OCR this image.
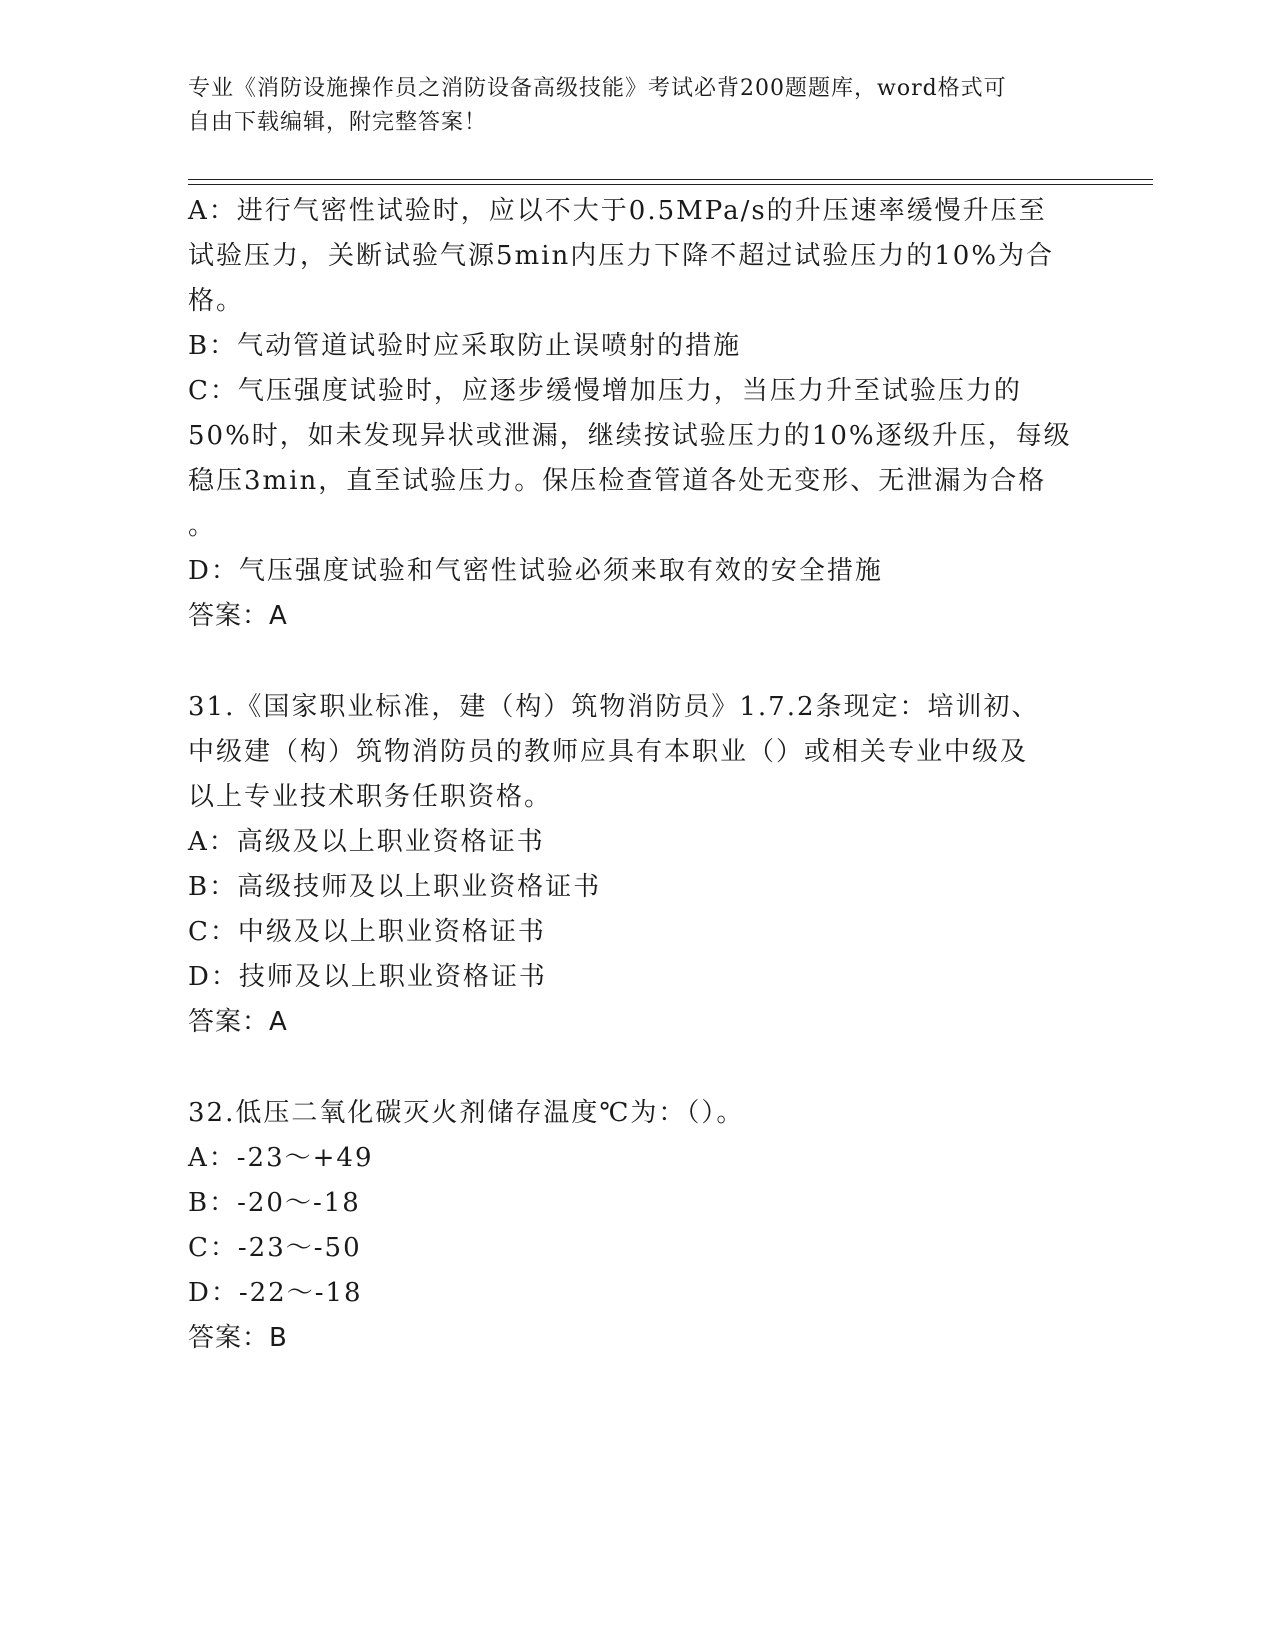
专业《消防设施操作员之消防设备高级技能》考试必背200题题库，word格式可
自由下载编辑，附完整答案！
A：进行气密性试验时，应以不大于0.5MPa/s的升压速率缓慢升压至
试验压力，关断试验气源5min内压力下降不超过试验压力的10%为合
格。
B：气动管道试验时应采取防止误喷射的措施
C：气压强度试验时，应逐步缓慢增加压力，当压力升至试验压力的
50%时，如未发现异状或泄漏，继续按试验压力的10%逐级升压，每级
稳压3min，直至试验压力。保压检查管道各处无变形、无泄漏为合格
。
D：气压强度试验和气密性试验必须来取有效的安全措施
答案：A
31.《国家职业标准，建（构）筑物消防员》1.7.2条现定：培训初、
中级建（构）筑物消防员的教师应具有本职业（）或相关专业中级及
以上专业技术职务任职资格。
A：高级及以上职业资格证书
B：高级技师及以上职业资格证书
C：中级及以上职业资格证书
D：技师及以上职业资格证书
答案：A
32.低压二氧化碳灭火剂储存温度℃为：（）。
A：-23～+49
B：-20～-18
C：-23～-50
D：-22～-18
答案：B
